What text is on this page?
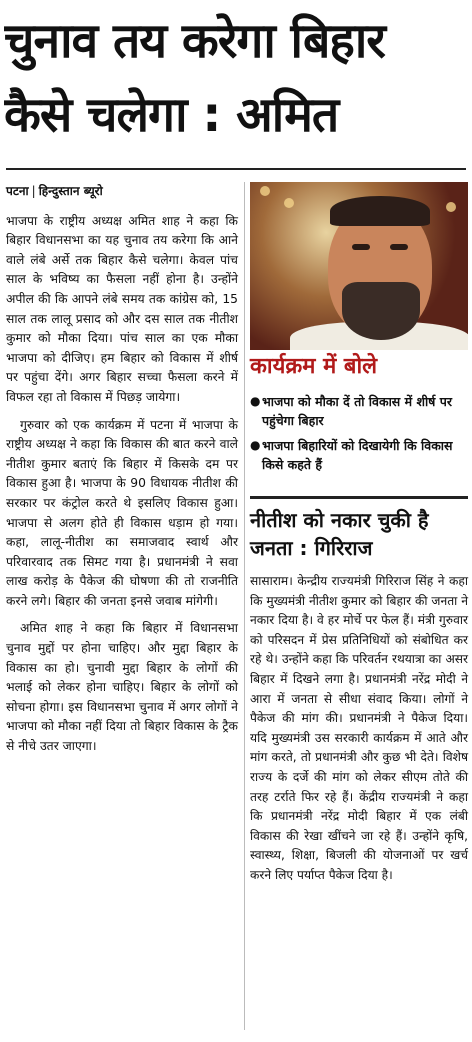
चुनाव तय करेगा बिहार
कैसे चलेगा : अमित
पटना | हिन्दुस्तान ब्यूरो

भाजपा के राष्ट्रीय अध्यक्ष अमित शाह ने कहा कि बिहार विधानसभा का यह चुनाव तय करेगा कि आने वाले लंबे अर्से तक बिहार कैसे चलेगा। केवल पांच साल के भविष्य का फैसला नहीं होना है। उन्होंने अपील की कि आपने लंबे समय तक कांग्रेस को, 15 साल तक लालू प्रसाद को और दस साल तक नीतीश कुमार को मौका दिया। पांच साल का एक मौका भाजपा को दीजिए। हम बिहार को विकास में शीर्ष पर पहुंचा देंगे। अगर बिहार सच्चा फैसला करने में विफल रहा तो विकास में पिछड़ जायेगा।

गुरुवार को एक कार्यक्रम में पटना में भाजपा के राष्ट्रीय अध्यक्ष ने कहा कि विकास की बात करने वाले नीतीश कुमार बताएं कि बिहार में किसके दम पर विकास हुआ है। भाजपा के 90 विधायक नीतीश की सरकार पर कंट्रोल करते थे इसलिए विकास हुआ। भाजपा से अलग होते ही विकास धड़ाम हो गया। कहा, लालू-नीतीश का समाजवाद स्वार्थ और परिवारवाद तक सिमट गया है। प्रधानमंत्री ने सवा लाख करोड़ के पैकेज की घोषणा की तो राजनीति करने लगे। बिहार की जनता इनसे जवाब मांगेगी।

अमित शाह ने कहा कि बिहार में विधानसभा चुनाव मुद्दों पर होना चाहिए। और मुद्दा बिहार के विकास का हो। चुनावी मुद्दा बिहार के लोगों की भलाई को लेकर होना चाहिए। बिहार के लोगों को सोचना होगा। इस विधानसभा चुनाव में अगर लोगों ने भाजपा को मौका नहीं दिया तो बिहार विकास के ट्रैक से नीचे उतर जाएगा।

कार्यक्रम में बोले
● भाजपा को मौका दें तो विकास में शीर्ष पर पहुंचेगा बिहार
● भाजपा बिहारियों को दिखायेगी कि विकास किसे कहते हैं
नीतीश को नकार चुकी है जनता : गिरिराज
सासाराम। केन्द्रीय राज्यमंत्री गिरिराज सिंह ने कहा कि मुख्यमंत्री नीतीश कुमार को बिहार की जनता ने नकार दिया है। वे हर मोर्चे पर फेल हैं। मंत्री गुरुवार को परिसदन में प्रेस प्रतिनिधियों को संबोधित कर रहे थे। उन्होंने कहा कि परिवर्तन रथयात्रा का असर बिहार में दिखने लगा है। प्रधानमंत्री नरेंद्र मोदी ने आरा में जनता से सीधा संवाद किया। लोगों ने पैकेज की मांग की। प्रधानमंत्री ने पैकेज दिया। यदि मुख्यमंत्री उस सरकारी कार्यक्रम में आते और मांग करते, तो प्रधानमंत्री और कुछ भी देते। विशेष राज्य के दर्जे की मांग को लेकर सीएम तोते की तरह टर्राते फिर रहे हैं। केंद्रीय राज्यमंत्री ने कहा कि प्रधानमंत्री नरेंद्र मोदी बिहार में एक लंबी विकास की रेखा खींचने जा रहे हैं। उन्होंने कृषि, स्वास्थ्य, शिक्षा, बिजली की योजनाओं पर खर्च करने लिए पर्याप्त पैकेज दिया है।
